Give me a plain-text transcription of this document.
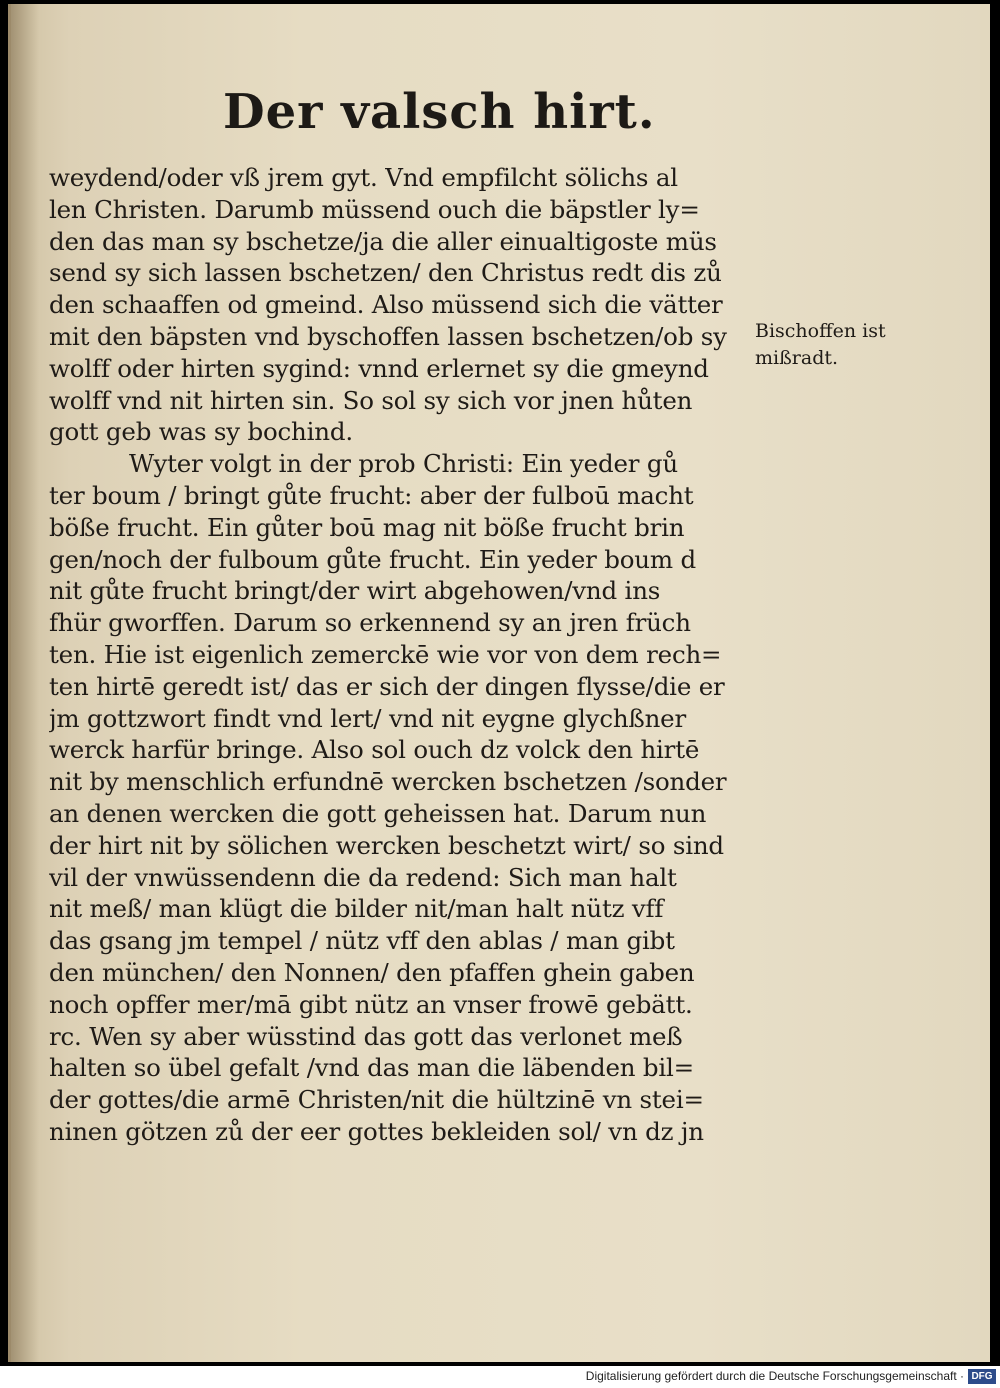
Der valsch hirt.
weydend/oder vß jrem gyt. Vnd empfilcht sölichs al
len Christen. Darumb müssend ouch die bäpstler ly=
den das man sy bschetze/ja die aller einualtigoste müs
send sy sich lassen bschetzen/ den Christus redt dis zů
den schaaffen od gmeind. Also müssend sich die vätter
mit den bäpsten vnd byschoffen lassen bschetzen/ob sy
wolff oder hirten sygind: vnnd erlernet sy die gmeynd
wolff vnd nit hirten sin. So sol sy sich vor jnen hůten
gott geb was sy bochind.
Wyter volgt in der prob Christi: Ein yeder gů
ter boum / bringt gůte frucht: aber der fulboū macht
böße frucht. Ein gůter boū mag nit böße frucht brin
gen/noch der fulboum gůte frucht. Ein yeder boum d
nit gůte frucht bringt/der wirt abgehowen/vnd ins
fhür gworffen. Darum so erkennend sy an jren früch
ten. Hie ist eigenlich zemerckē wie vor von dem rech=
ten hirtē geredt ist/ das er sich der dingen flysse/die er
jm gottzwort findt vnd lert/ vnd nit eygne glychßner
werck harfür bringe. Also sol ouch dz volck den hirtē
nit by menschlich erfundnē wercken bschetzen /sonder
an denen wercken die gott geheissen hat. Darum nun
der hirt nit by sölichen wercken beschetzt wirt/ so sind
vil der vnwüssendenn die da redend: Sich man halt
nit meß/ man klügt die bilder nit/man halt nütz vff
das gsang jm tempel / nütz vff den ablas / man gibt
den münchen/ den Nonnen/ den pfaffen ghein gaben
noch opffer mer/mā gibt nütz an vnser frowē gebätt.
rc. Wen sy aber wüsstind das gott das verlonet meß
halten so übel gefalt /vnd das man die läbenden bil=
der gottes/die armē Christen/nit die hültzinē vn stei=
ninen götzen zů der eer gottes bekleiden sol/ vn dz jn
Bischoffen ist
mißradt.
Digitalisierung gefördert durch die Deutsche Forschungsgemeinschaft · DFG
